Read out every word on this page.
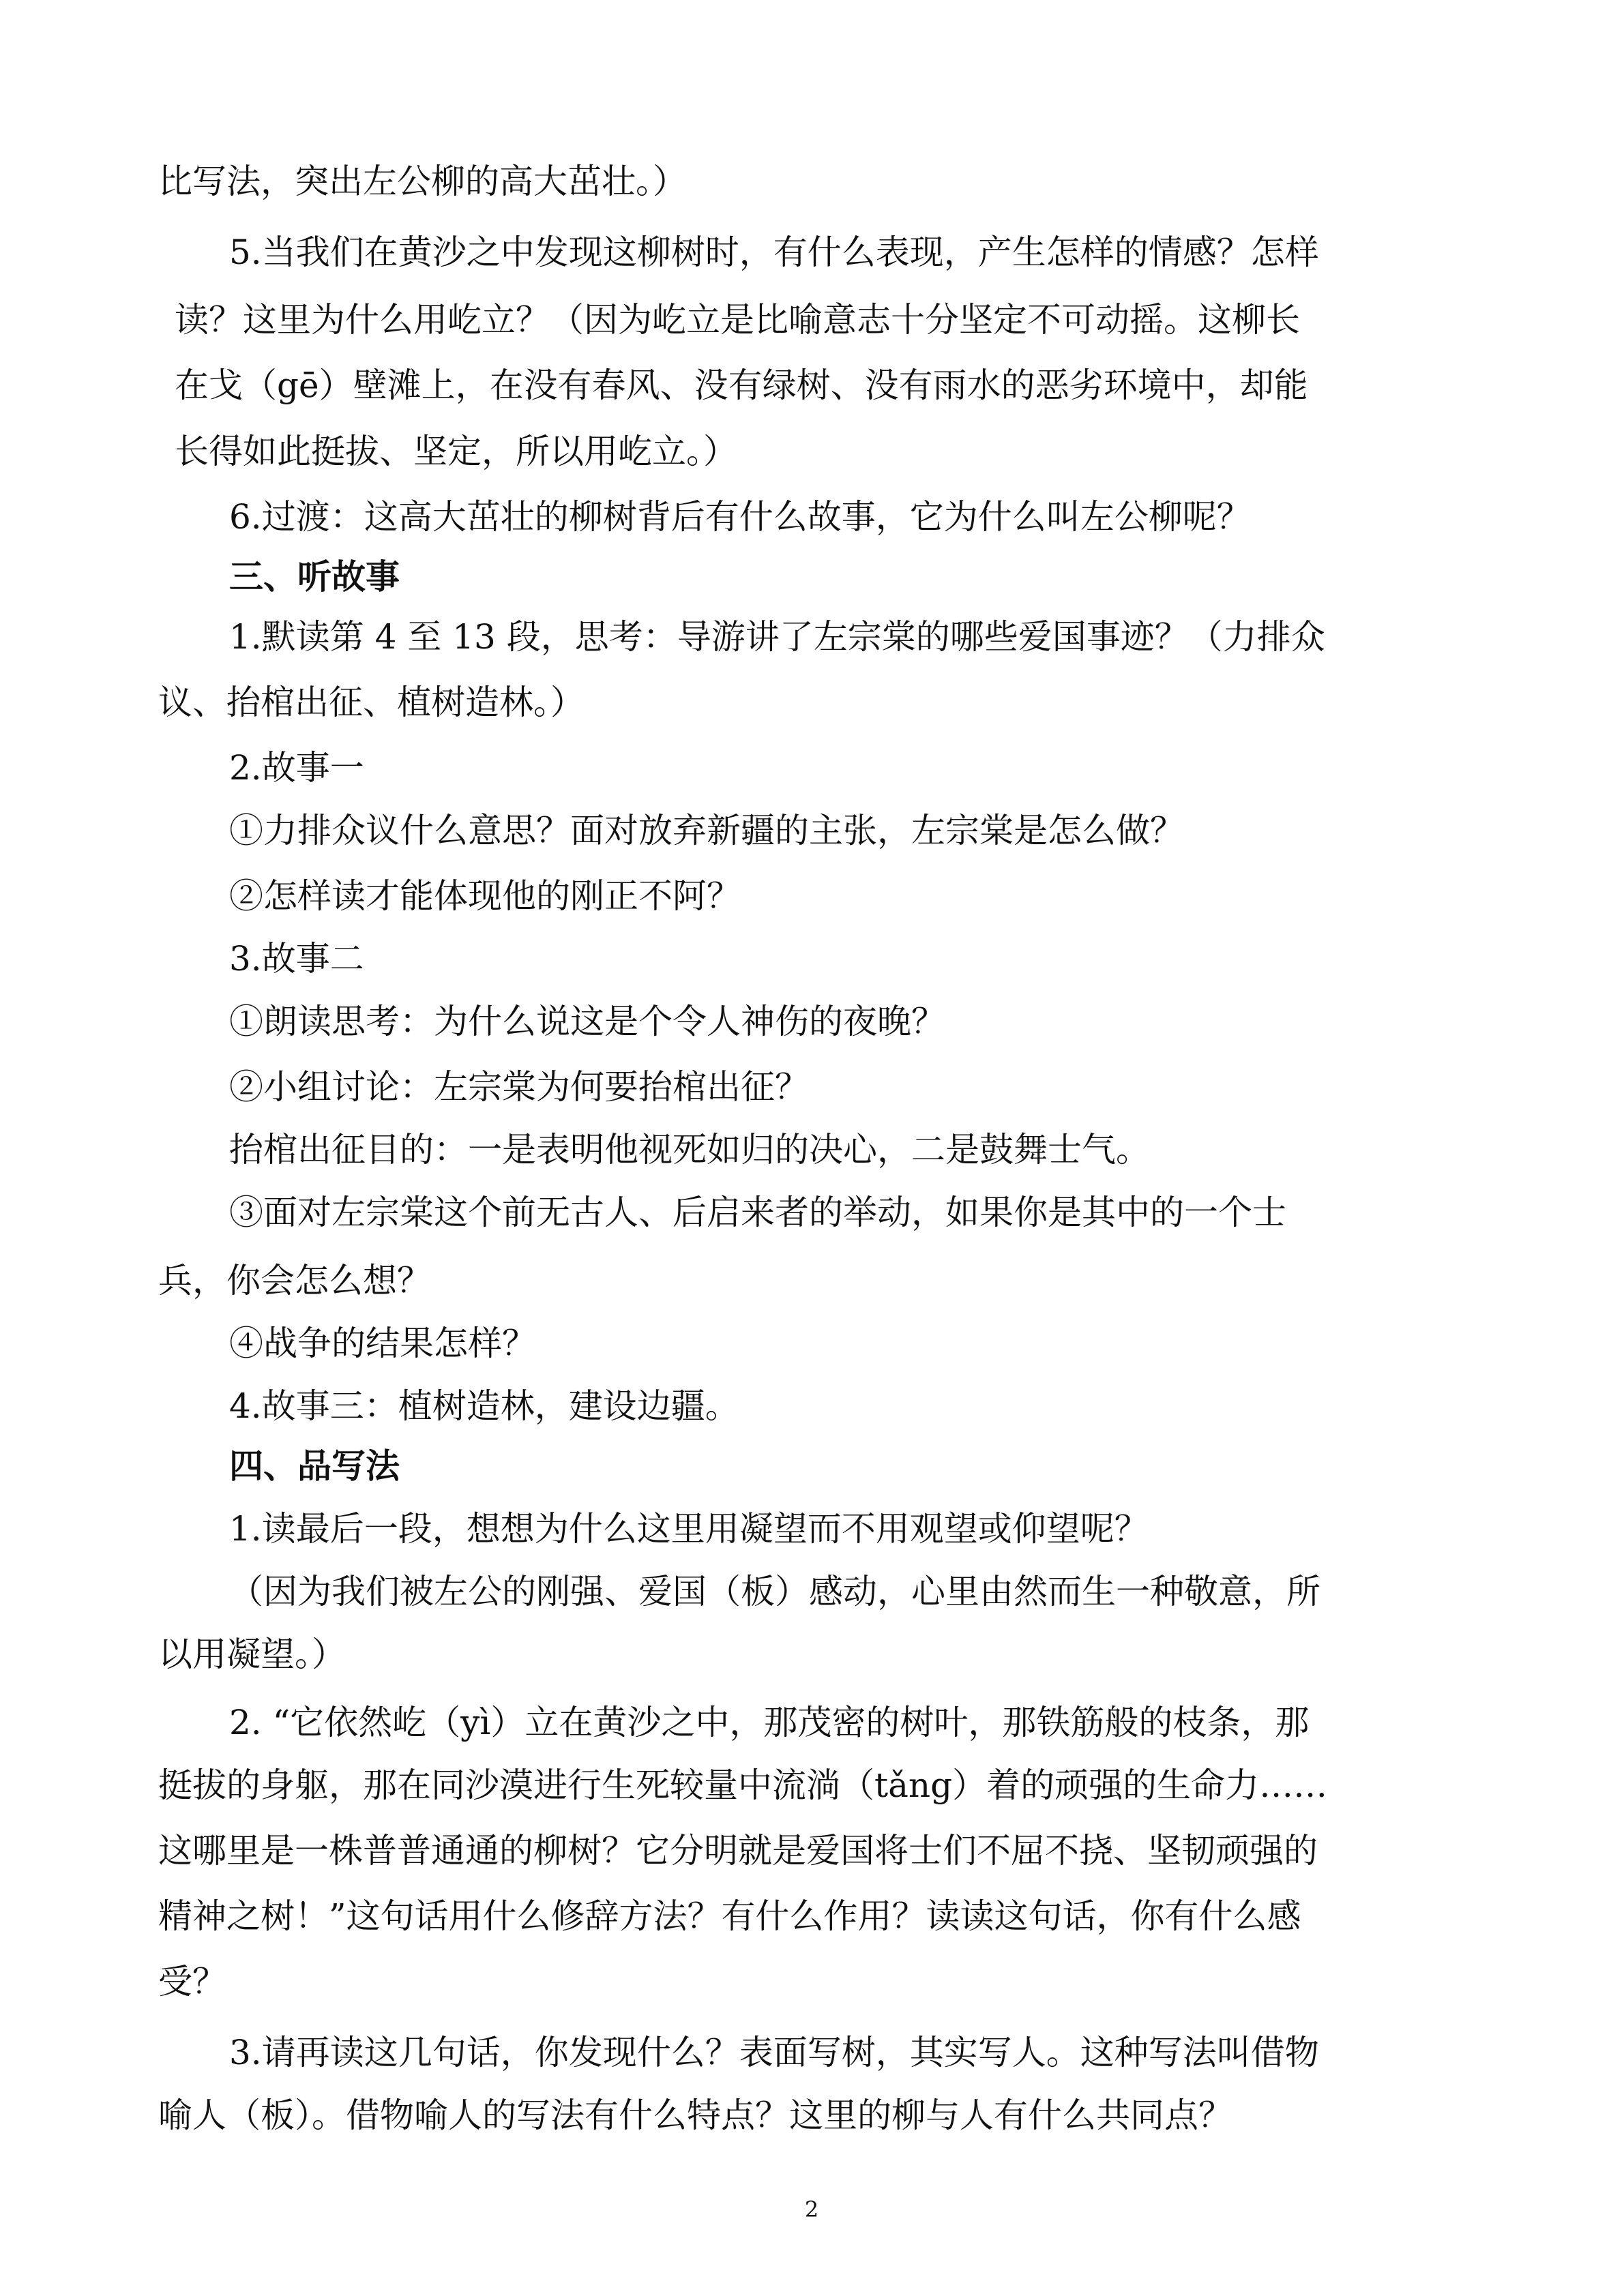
比写法，突出左公柳的高大茁壮。）
5.当我们在黄沙之中发现这柳树时，有什么表现，产生怎样的情感？怎样
读？这里为什么用屹立？（因为屹立是比喻意志十分坚定不可动摇。这柳长
在戈（gē）壁滩上，在没有春风、没有绿树、没有雨水的恶劣环境中，却能
长得如此挺拔、坚定，所以用屹立。）
6.过渡：这高大茁壮的柳树背后有什么故事，它为什么叫左公柳呢？
三、听故事
1.默读第 4 至 13 段，思考：导游讲了左宗棠的哪些爱国事迹？（力排众
议、抬棺出征、植树造林。）
2.故事一
①力排众议什么意思？面对放弃新疆的主张，左宗棠是怎么做？
②怎样读才能体现他的刚正不阿？
3.故事二
①朗读思考：为什么说这是个令人神伤的夜晚？
②小组讨论：左宗棠为何要抬棺出征？
抬棺出征目的：一是表明他视死如归的决心，二是鼓舞士气。
③面对左宗棠这个前无古人、后启来者的举动，如果你是其中的一个士
兵，你会怎么想？
④战争的结果怎样？
4.故事三：植树造林，建设边疆。
四、品写法
1.读最后一段，想想为什么这里用凝望而不用观望或仰望呢？
（因为我们被左公的刚强、爱国（板）感动，心里由然而生一种敬意，所
以用凝望。）
2. “它依然屹（yì）立在黄沙之中，那茂密的树叶，那铁筋般的枝条，那
挺拔的身躯，那在同沙漠进行生死较量中流淌（tǎng）着的顽强的生命力……
这哪里是一株普普通通的柳树？它分明就是爱国将士们不屈不挠、坚韧顽强的
精神之树！”这句话用什么修辞方法？有什么作用？读读这句话，你有什么感
受？
3.请再读这几句话，你发现什么？表面写树，其实写人。这种写法叫借物
喻人（板）。借物喻人的写法有什么特点？这里的柳与人有什么共同点？
2
